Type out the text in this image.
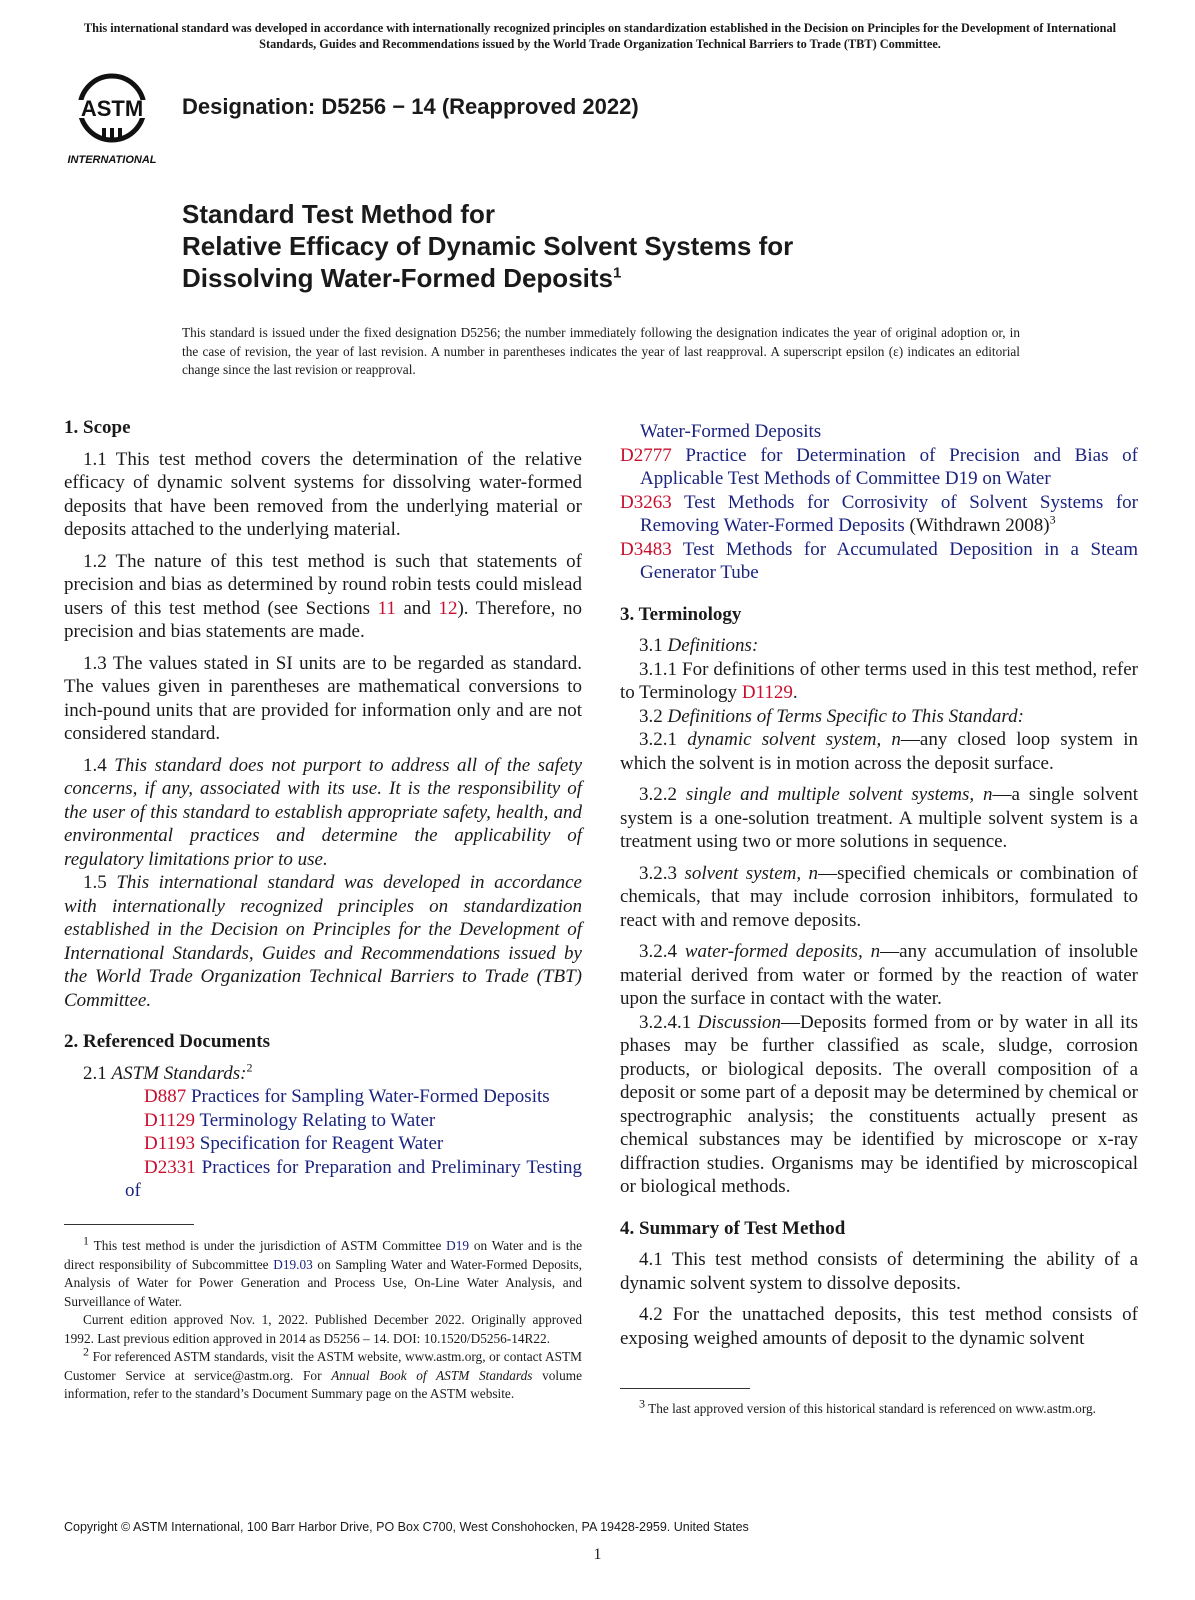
This international standard was developed in accordance with internationally recognized principles on standardization established in the Decision on Principles for the Development of International Standards, Guides and Recommendations issued by the World Trade Organization Technical Barriers to Trade (TBT) Committee.
ASTM
INTERNATIONAL
Designation: D5256 − 14 (Reapproved 2022)
Standard Test Method for
Relative Efficacy of Dynamic Solvent Systems for
Dissolving Water-Formed Deposits$^1$
This standard is issued under the fixed designation D5256; the number immediately following the designation indicates the year of original adoption or, in the case of revision, the year of last revision. A number in parentheses indicates the year of last reapproval. A superscript epsilon (ε) indicates an editorial change since the last revision or reapproval.

1. Scope

1.1 This test method covers the determination of the relative efficacy of dynamic solvent systems for dissolving water-formed deposits that have been removed from the underlying material or deposits attached to the underlying material.

1.2 The nature of this test method is such that statements of precision and bias as determined by round robin tests could mislead users of this test method (see Sections 11 and 12). Therefore, no precision and bias statements are made.

1.3 The values stated in SI units are to be regarded as standard. The values given in parentheses are mathematical conversions to inch-pound units that are provided for information only and are not considered standard.

1.4 This standard does not purport to address all of the safety concerns, if any, associated with its use. It is the responsibility of the user of this standard to establish appropriate safety, health, and environmental practices and determine the applicability of regulatory limitations prior to use.

1.5 This international standard was developed in accordance with internationally recognized principles on standardization established in the Decision on Principles for the Development of International Standards, Guides and Recommendations issued by the World Trade Organization Technical Barriers to Trade (TBT) Committee.

2. Referenced Documents

2.1 ASTM Standards:$^2$

D887 Practices for Sampling Water-Formed Deposits

D1129 Terminology Relating to Water

D1193 Specification for Reagent Water

D2331 Practices for Preparation and Preliminary Testing of

$^1$ This test method is under the jurisdiction of ASTM Committee D19 on Water and is the direct responsibility of Subcommittee D19.03 on Sampling Water and Water-Formed Deposits, Analysis of Water for Power Generation and Process Use, On-Line Water Analysis, and Surveillance of Water.

Current edition approved Nov. 1, 2022. Published December 2022. Originally approved 1992. Last previous edition approved in 2014 as D5256 – 14. DOI: 10.1520/D5256-14R22.

$^2$ For referenced ASTM standards, visit the ASTM website, www.astm.org, or contact ASTM Customer Service at service@astm.org. For Annual Book of ASTM Standards volume information, refer to the standard’s Document Summary page on the ASTM website.

Water-Formed Deposits

D2777 Practice for Determination of Precision and Bias of Applicable Test Methods of Committee D19 on Water

D3263 Test Methods for Corrosivity of Solvent Systems for Removing Water-Formed Deposits (Withdrawn 2008)$^3$

D3483 Test Methods for Accumulated Deposition in a Steam Generator Tube

3. Terminology

3.1 Definitions:

3.1.1 For definitions of other terms used in this test method, refer to Terminology D1129.

3.2 Definitions of Terms Specific to This Standard:

3.2.1 dynamic solvent system, n—any closed loop system in which the solvent is in motion across the deposit surface.

3.2.2 single and multiple solvent systems, n—a single solvent system is a one-solution treatment. A multiple solvent system is a treatment using two or more solutions in sequence.

3.2.3 solvent system, n—specified chemicals or combination of chemicals, that may include corrosion inhibitors, formulated to react with and remove deposits.

3.2.4 water-formed deposits, n—any accumulation of insoluble material derived from water or formed by the reaction of water upon the surface in contact with the water.

3.2.4.1 Discussion—Deposits formed from or by water in all its phases may be further classified as scale, sludge, corrosion products, or biological deposits. The overall composition of a deposit or some part of a deposit may be determined by chemical or spectrographic analysis; the constituents actually present as chemical substances may be identified by microscope or x-ray diffraction studies. Organisms may be identified by microscopical or biological methods.

4. Summary of Test Method

4.1 This test method consists of determining the ability of a dynamic solvent system to dissolve deposits.

4.2 For the unattached deposits, this test method consists of exposing weighed amounts of deposit to the dynamic solvent

$^3$ The last approved version of this historical standard is referenced on www.astm.org.

Copyright © ASTM International, 100 Barr Harbor Drive, PO Box C700, West Conshohocken, PA 19428-2959. United States
1
